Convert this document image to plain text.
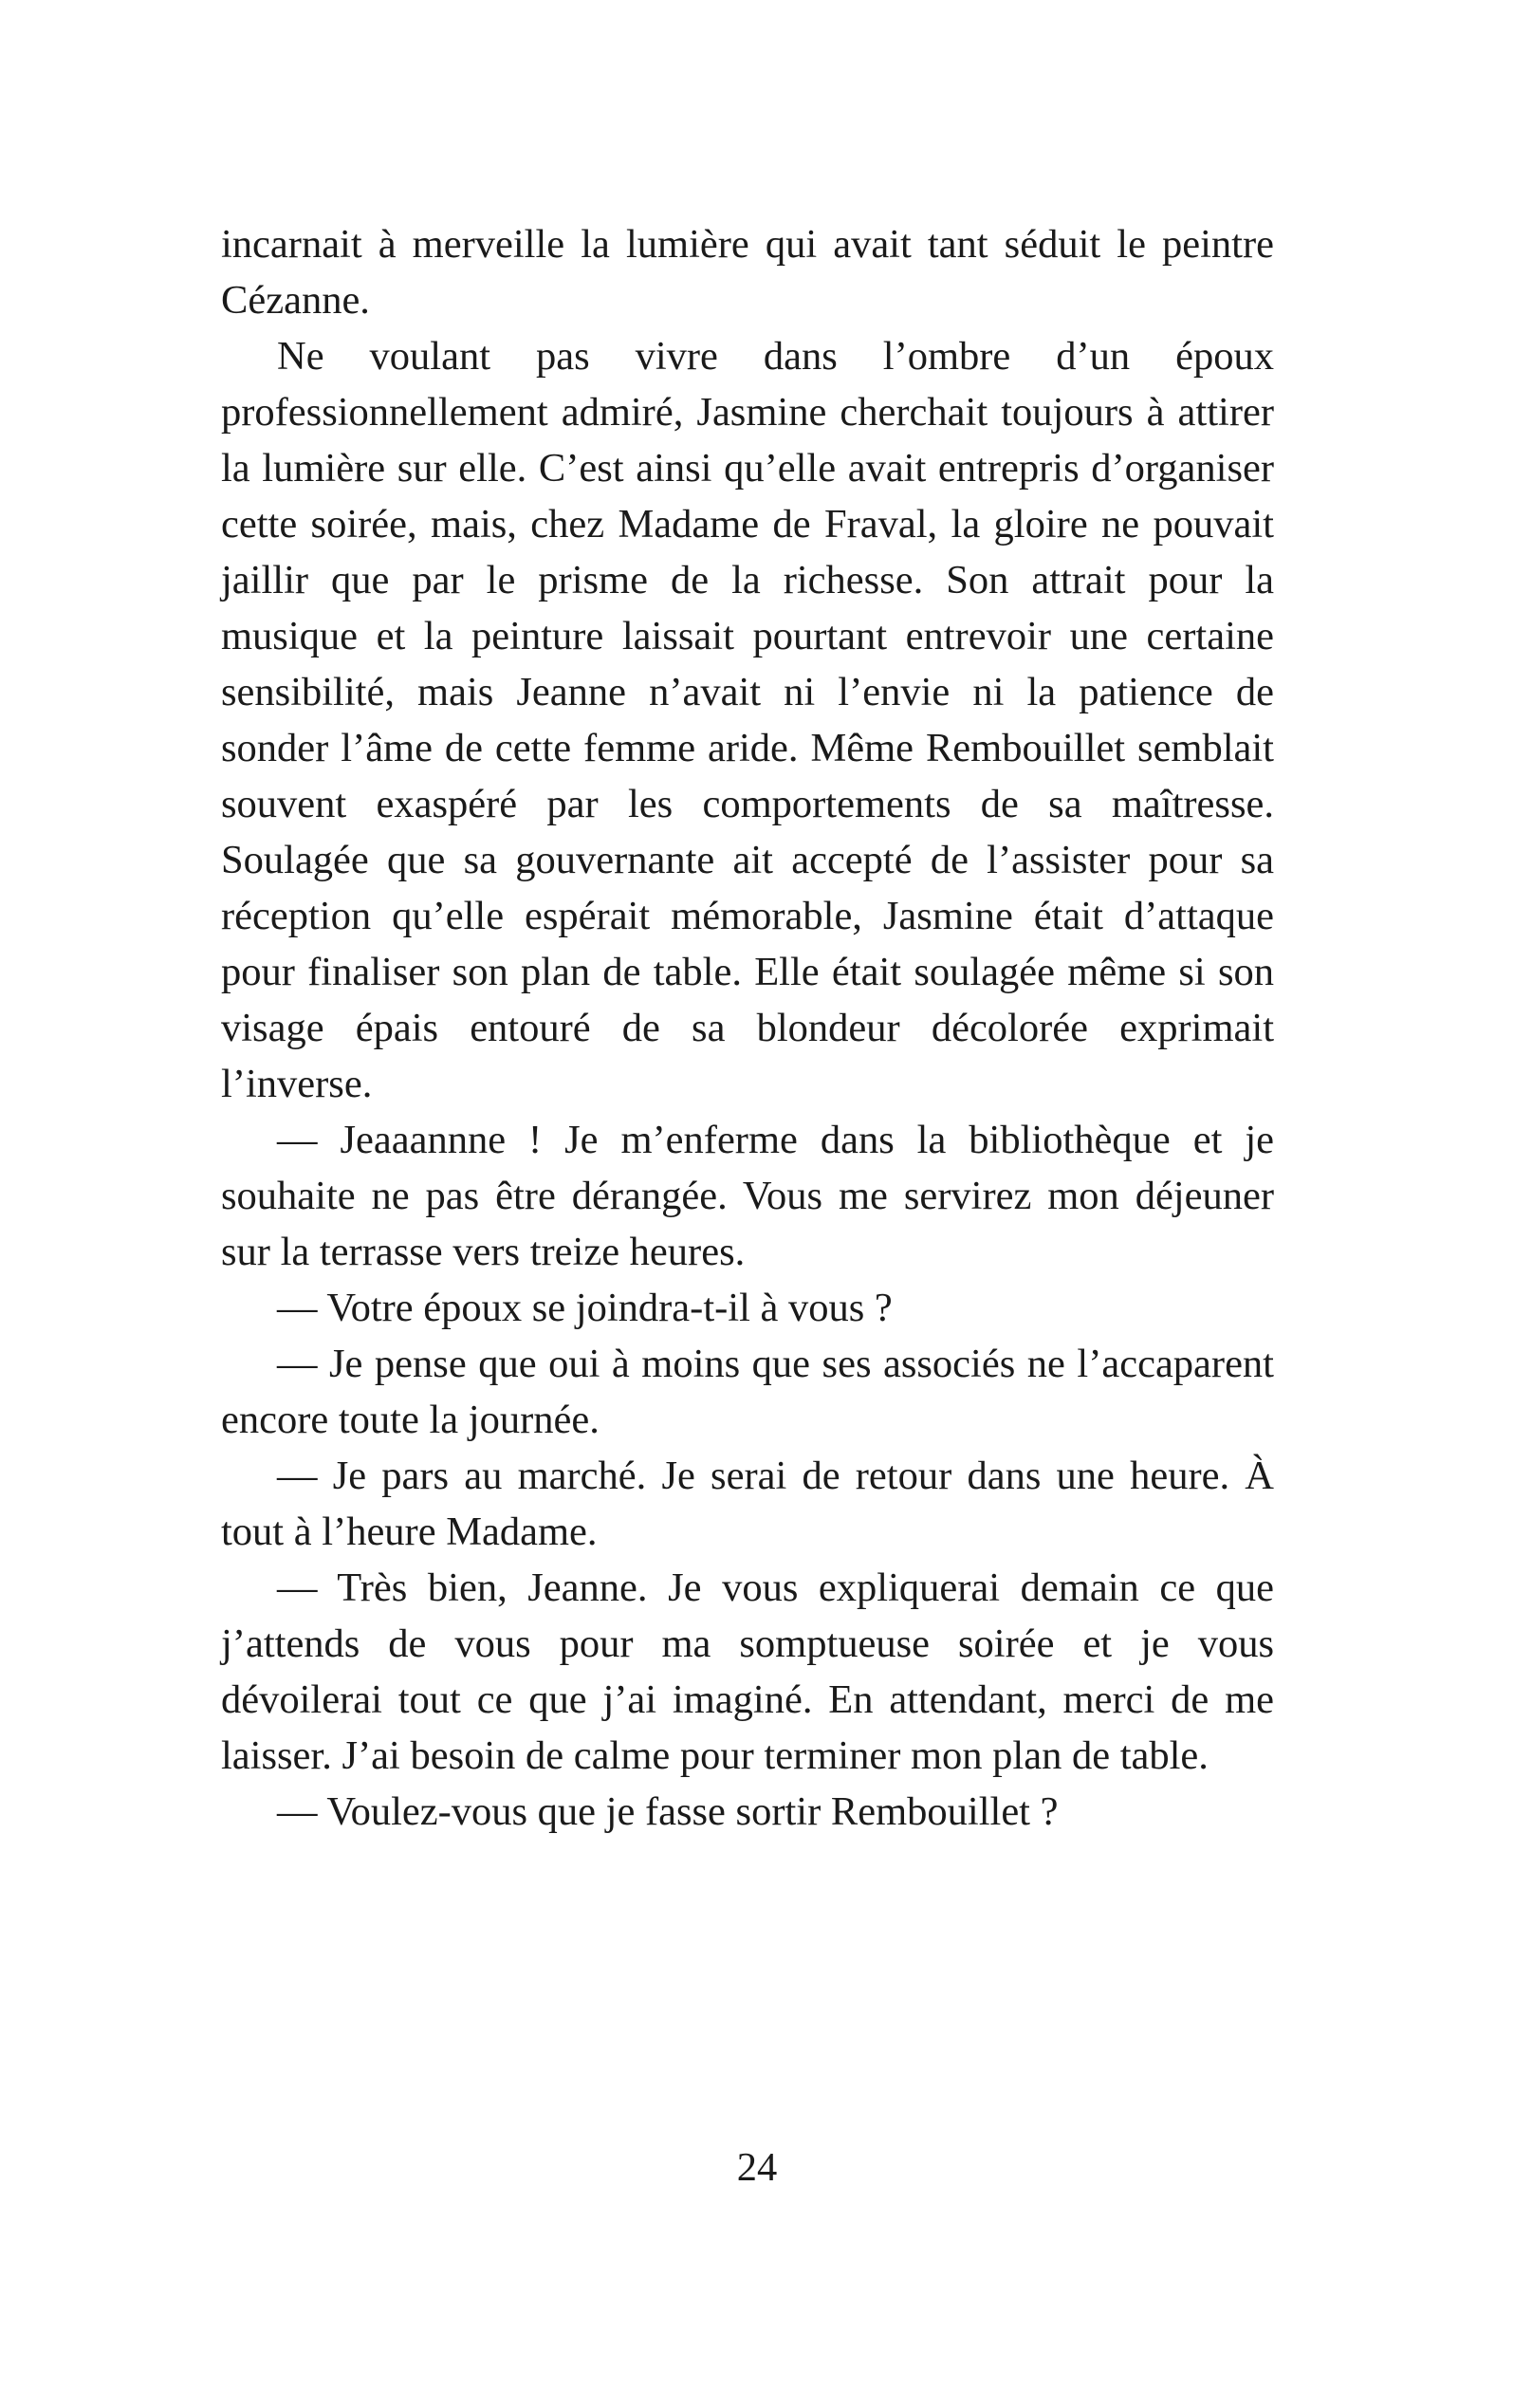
incarnait à merveille la lumière qui avait tant séduit le peintre Cézanne.

Ne voulant pas vivre dans l’ombre d’un époux professionnellement admiré, Jasmine cherchait toujours à attirer la lumière sur elle. C’est ainsi qu’elle avait entrepris d’organiser cette soirée, mais, chez Madame de Fraval, la gloire ne pouvait jaillir que par le prisme de la richesse. Son attrait pour la musique et la peinture laissait pourtant entrevoir une certaine sensibilité, mais Jeanne n’avait ni l’envie ni la patience de sonder l’âme de cette femme aride. Même Rembouillet semblait souvent exaspéré par les comportements de sa maîtresse. Soulagée que sa gouvernante ait accepté de l’assister pour sa réception qu’elle espérait mémorable, Jasmine était d’attaque pour finaliser son plan de table. Elle était soulagée même si son visage épais entouré de sa blondeur décolorée exprimait l’inverse.

— Jeaaannne ! Je m’enferme dans la bibliothèque et je souhaite ne pas être dérangée. Vous me servirez mon déjeuner sur la terrasse vers treize heures.

— Votre époux se joindra-t-il à vous ?

— Je pense que oui à moins que ses associés ne l’accaparent encore toute la journée.

— Je pars au marché. Je serai de retour dans une heure. À tout à l’heure Madame.

— Très bien, Jeanne. Je vous expliquerai demain ce que j’attends de vous pour ma somptueuse soirée et je vous dévoilerai tout ce que j’ai imaginé. En attendant, merci de me laisser. J’ai besoin de calme pour terminer mon plan de table.

— Voulez-vous que je fasse sortir Rembouillet ?

24
